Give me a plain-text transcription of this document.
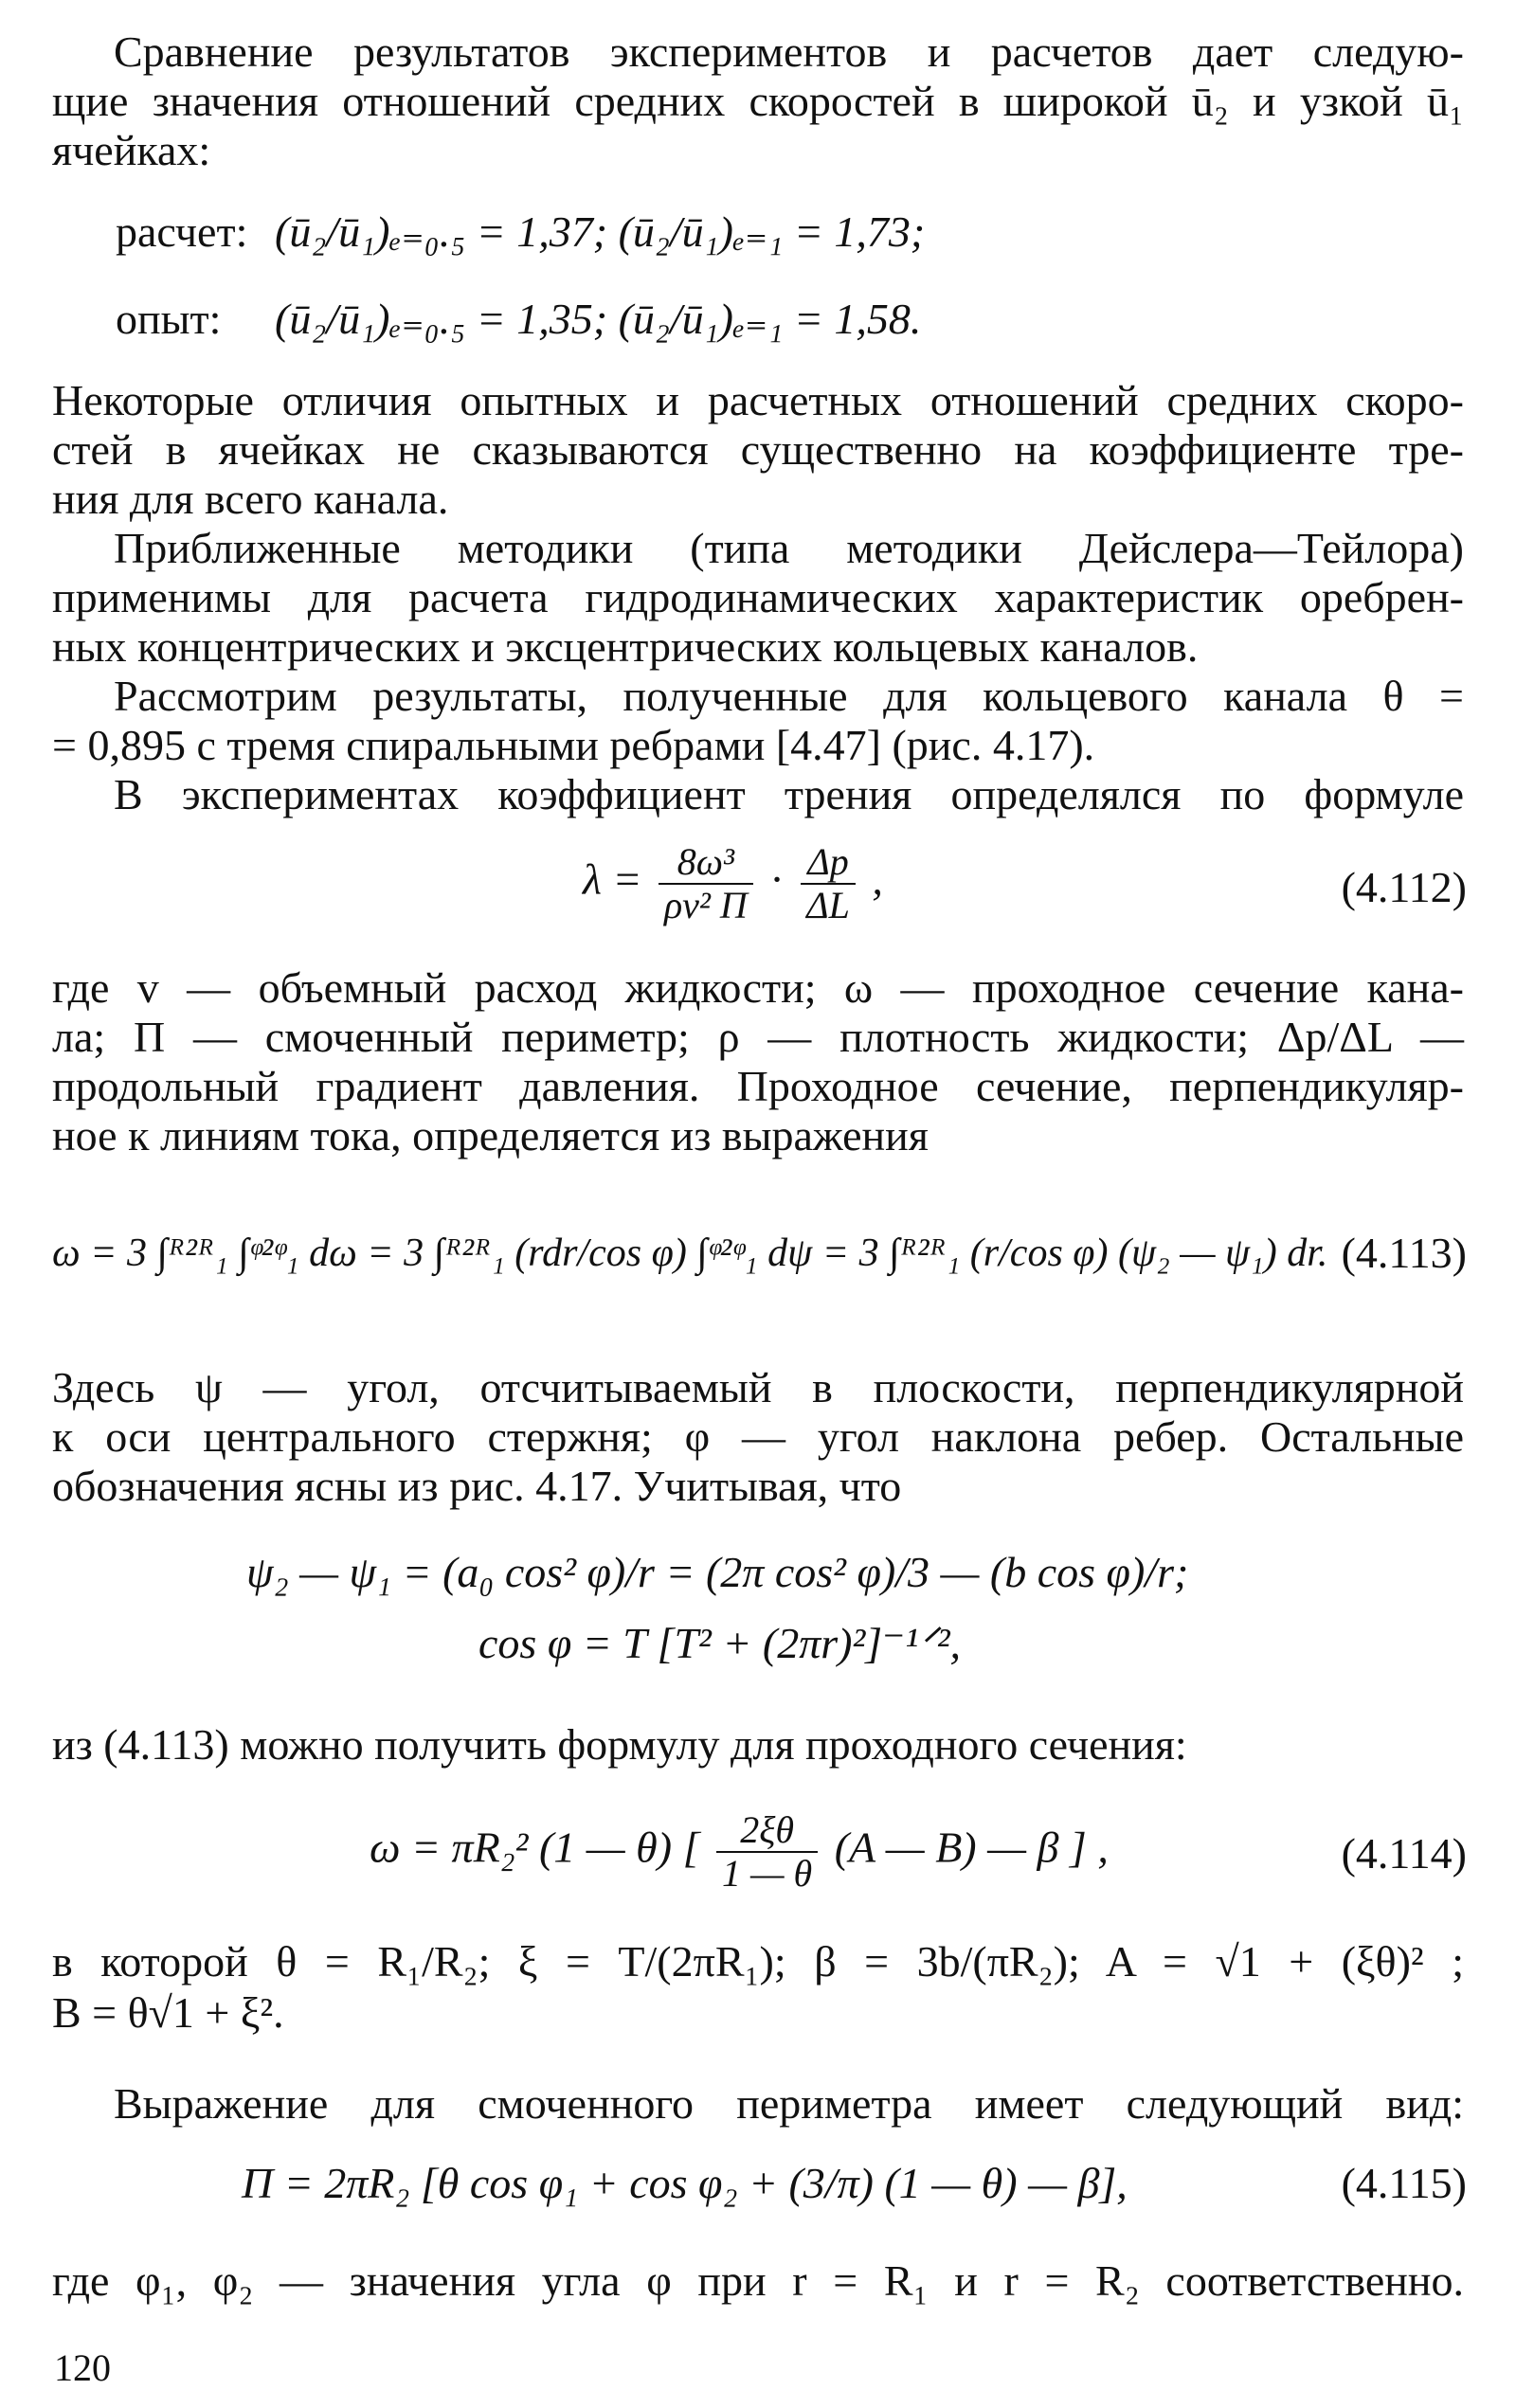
Сравнение результатов экспериментов и расчетов дает следую-
щие значения отношений средних скоростей в широкой ū₂ и узкой ū₁
ячейках:
расчет: (ū₂/ū₁)ₑ₌₀.₅ = 1,37; (ū₂/ū₁)ₑ₌₁ = 1,73;
опыт: (ū₂/ū₁)ₑ₌₀.₅ = 1,35; (ū₂/ū₁)ₑ₌₁ = 1,58.
Некоторые отличия опытных и расчетных отношений средних скоро-
стей в ячейках не сказываются существенно на коэффициенте тре-
ния для всего канала.
Приближенные методики (типа методики Дейслера—Тейлора)
применимы для расчета гидродинамических характеристик оребрен-
ных концентрических и эксцентрических кольцевых каналов.
Рассмотрим результаты, полученные для кольцевого канала θ =
= 0,895 с тремя спиральными ребрами [4.47] (рис. 4.17).
В экспериментах коэффициент трения определялся по формуле
$\lambda = \frac{\text{8ω³}}{\text{ρv² Π}} \cdot \frac{\Delta p}{\Delta L}$ ,	(4.112)
где v — объемный расход жидкости; ω — проходное сечение кана-
ла; Π — смоченный периметр; ρ — плотность жидкости; Δp/ΔL —
продольный градиент давления. Проходное сечение, перпендикуляр-
ное к линиям тока, определяется из выражения
ω = 3 ∫ᴿ²ᴿ₁ ∫ᵠ²ᵠ₁ dω = 3 ∫ᴿ²ᴿ₁ (rdr/cos φ) ∫ᵠ²ᵠ₁ dψ = 3 ∫ᴿ²ᴿ₁ (r/cos φ) (ψ₂ — ψ₁) dr. (4.113)
Здесь ψ — угол, отсчитываемый в плоскости, перпендикулярной
к оси центрального стержня; φ — угол наклона ребер. Остальные
обозначения ясны из рис. 4.17. Учитывая, что
ψ₂ — ψ₁ = (a₀ cos² φ)/r = (2π cos² φ)/3 — (b cos φ)/r;
cos φ = T [T² + (2πr)²]⁻¹ᐟ²,
из (4.113) можно получить формулу для проходного сечения:
ω = πR₂² (1 — θ) [ $\frac{2\xi\theta}{1 — \theta} (A$ — B) — β ] ,	(4.114)
в которой θ = R₁/R₂; ξ = T/(2πR₁); β = 3b/(πR₂); A = √1 + (ξθ)² ;
B = θ√1 + ξ².
Выражение для смоченного периметра имеет следующий вид:
Π = 2πR₂ [θ cos φ₁ + cos φ₂ + (3/π) (1 — θ) — β],	(4.115)
где φ₁, φ₂ — значения угла φ при r = R₁ и r = R₂ соответственно.
120
